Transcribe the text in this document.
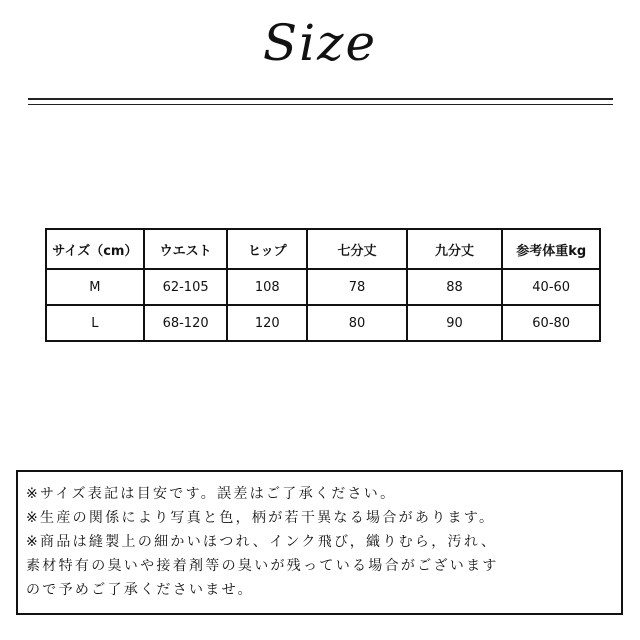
Size
サイズ（cm）	ウエスト	ヒップ	七分丈	九分丈	参考体重kg
M	62-105	108	78	88	40-60
L	68-120	120	80	90	60-80
※サイズ表記は目安です。誤差はご了承ください。
※生産の関係により写真と色，柄が若干異なる場合があります。
※商品は縫製上の細かいほつれ、インク飛び，織りむら，汚れ、
素材特有の臭いや接着剤等の臭いが残っている場合がございます
ので予めご了承くださいませ。
